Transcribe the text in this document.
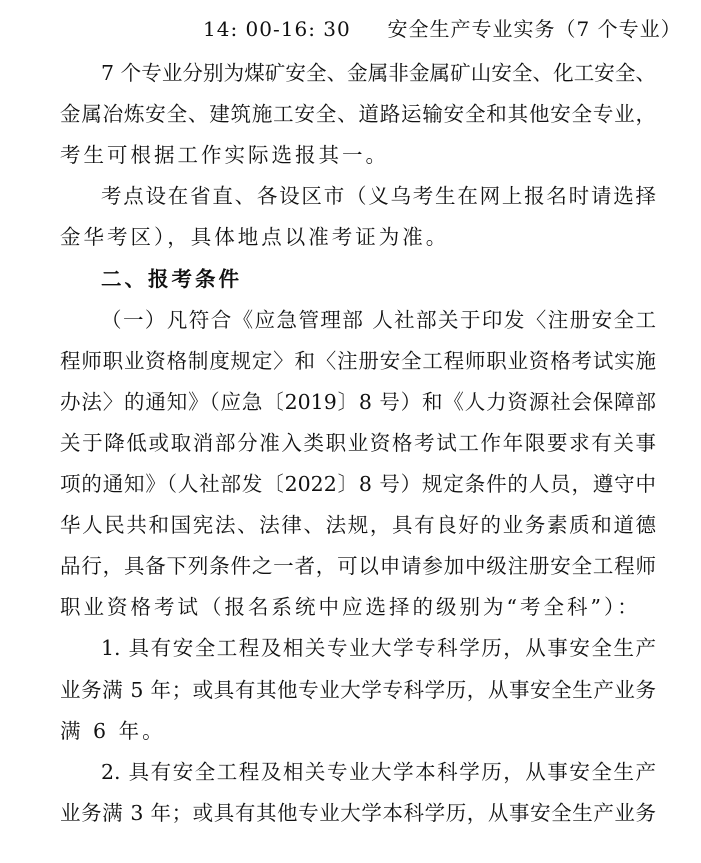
14: 00-16: 30     安全生产专业实务（7 个专业）
7 个专业分别为煤矿安全、金属非金属矿山安全、化工安全、
金属冶炼安全、建筑施工安全、道路运输安全和其他安全专业，
考生可根据工作实际选报其一。
考点设在省直、各设区市（义乌考生在网上报名时请选择
金华考区），具体地点以准考证为准。
二、报考条件
（一）凡符合《应急管理部 人社部关于印发〈注册安全工
程师职业资格制度规定〉和〈注册安全工程师职业资格考试实施
办法〉的通知》（应急〔2019〕8 号）和《人力资源社会保障部
关于降低或取消部分准入类职业资格考试工作年限要求有关事
项的通知》（人社部发〔2022〕8 号）规定条件的人员，遵守中
华人民共和国宪法、法律、法规，具有良好的业务素质和道德
品行，具备下列条件之一者，可以申请参加中级注册安全工程师
职业资格考试（报名系统中应选择的级别为“考全科”）：
1. 具有安全工程及相关专业大学专科学历，从事安全生产
业务满 5 年；或具有其他专业大学专科学历，从事安全生产业务
满 6 年。
2. 具有安全工程及相关专业大学本科学历，从事安全生产
业务满 3 年；或具有其他专业大学本科学历，从事安全生产业务
